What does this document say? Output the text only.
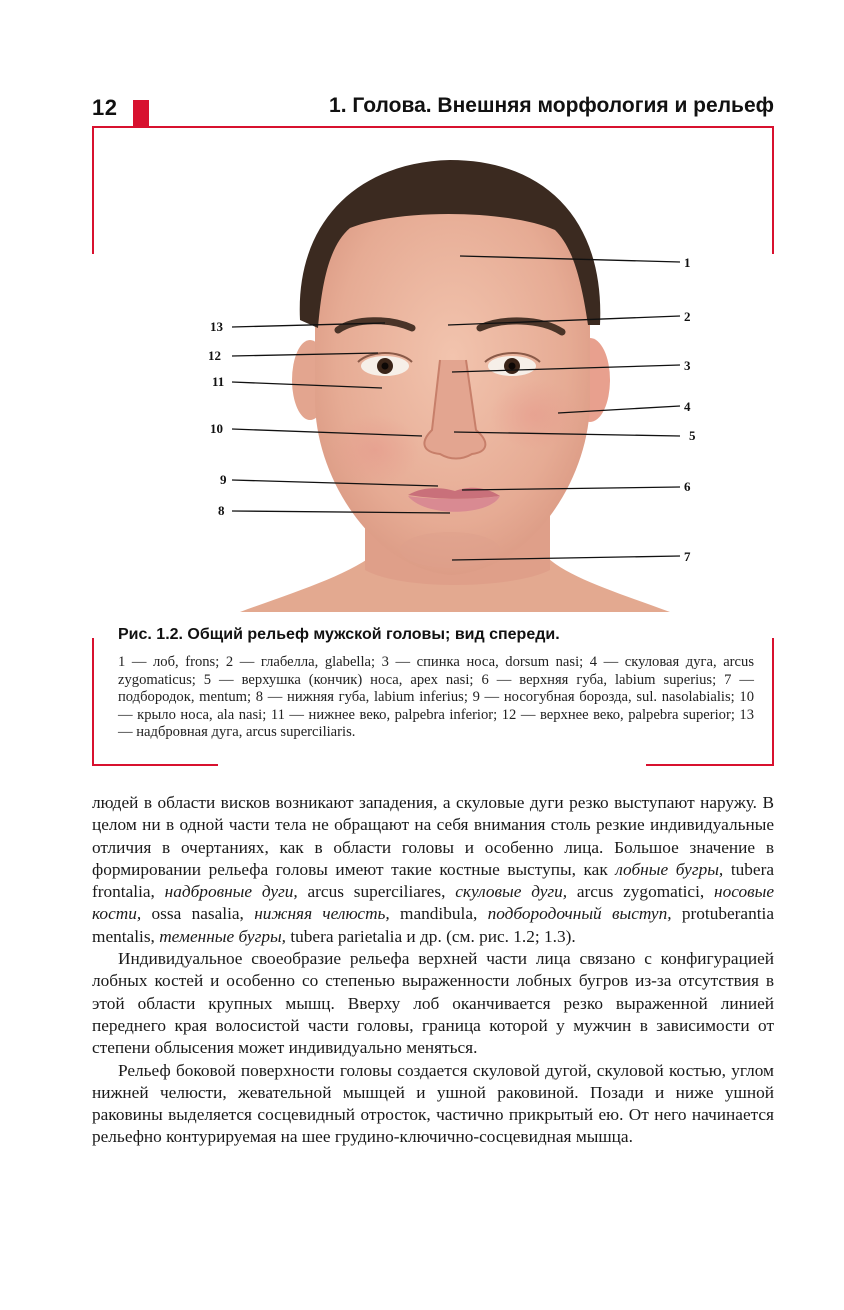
12	1. Голова. Внешняя морфология и рельеф
1
2
3
4
5
6
7
8
9
10
11
12
13
Рис. 1.2. Общий рельеф мужской головы; вид спереди.
1 — лоб, frons; 2 — глабелла, glabella; 3 — спинка носа, dorsum nasi; 4 — скуловая дуга, arcus zygomaticus; 5 — верхушка (кончик) носа, apex nasi; 6 — верхняя губа, labium superius; 7 — подбородок, mentum; 8 — нижняя губа, labium inferius; 9 — носогубная борозда, sul. nasolabialis; 10 — крыло носа, ala nasi; 11 — нижнее веко, palpebra inferior; 12 — верхнее веко, palpebra superior; 13 — надбровная дуга, arcus superciliaris.

людей в области висков возникают западения, а скуловые дуги резко выступают наружу. В целом ни в одной части тела не обращают на себя внимания столь резкие индивидуальные отличия в очертаниях, как в области головы и особенно лица. Большое значение в формировании рельефа головы имеют такие костные выступы, как лобные бугры, tubera frontalia, надбровные дуги, arcus superciliares, скуловые дуги, arcus zygomatici, носовые кости, ossa nasalia, нижняя челюсть, mandibula, подбородочный выступ, protuberantia mentalis, теменные бугры, tubera parietalia и др. (см. рис. 1.2; 1.3).

Индивидуальное своеобразие рельефа верхней части лица связано с конфигурацией лобных костей и особенно со степенью выраженности лобных бугров из-за отсутствия в этой области крупных мышц. Вверху лоб оканчивается резко выраженной линией переднего края волосистой части головы, граница которой у мужчин в зависимости от степени облысения может индивидуально меняться.

Рельеф боковой поверхности головы создается скуловой дугой, скуловой костью, углом нижней челюсти, жевательной мышцей и ушной раковиной. Позади и ниже ушной раковины выделяется сосцевидный отросток, частично прикрытый ею. От него начинается рельефно контурируемая на шее грудино-ключично-сосцевидная мышца.
